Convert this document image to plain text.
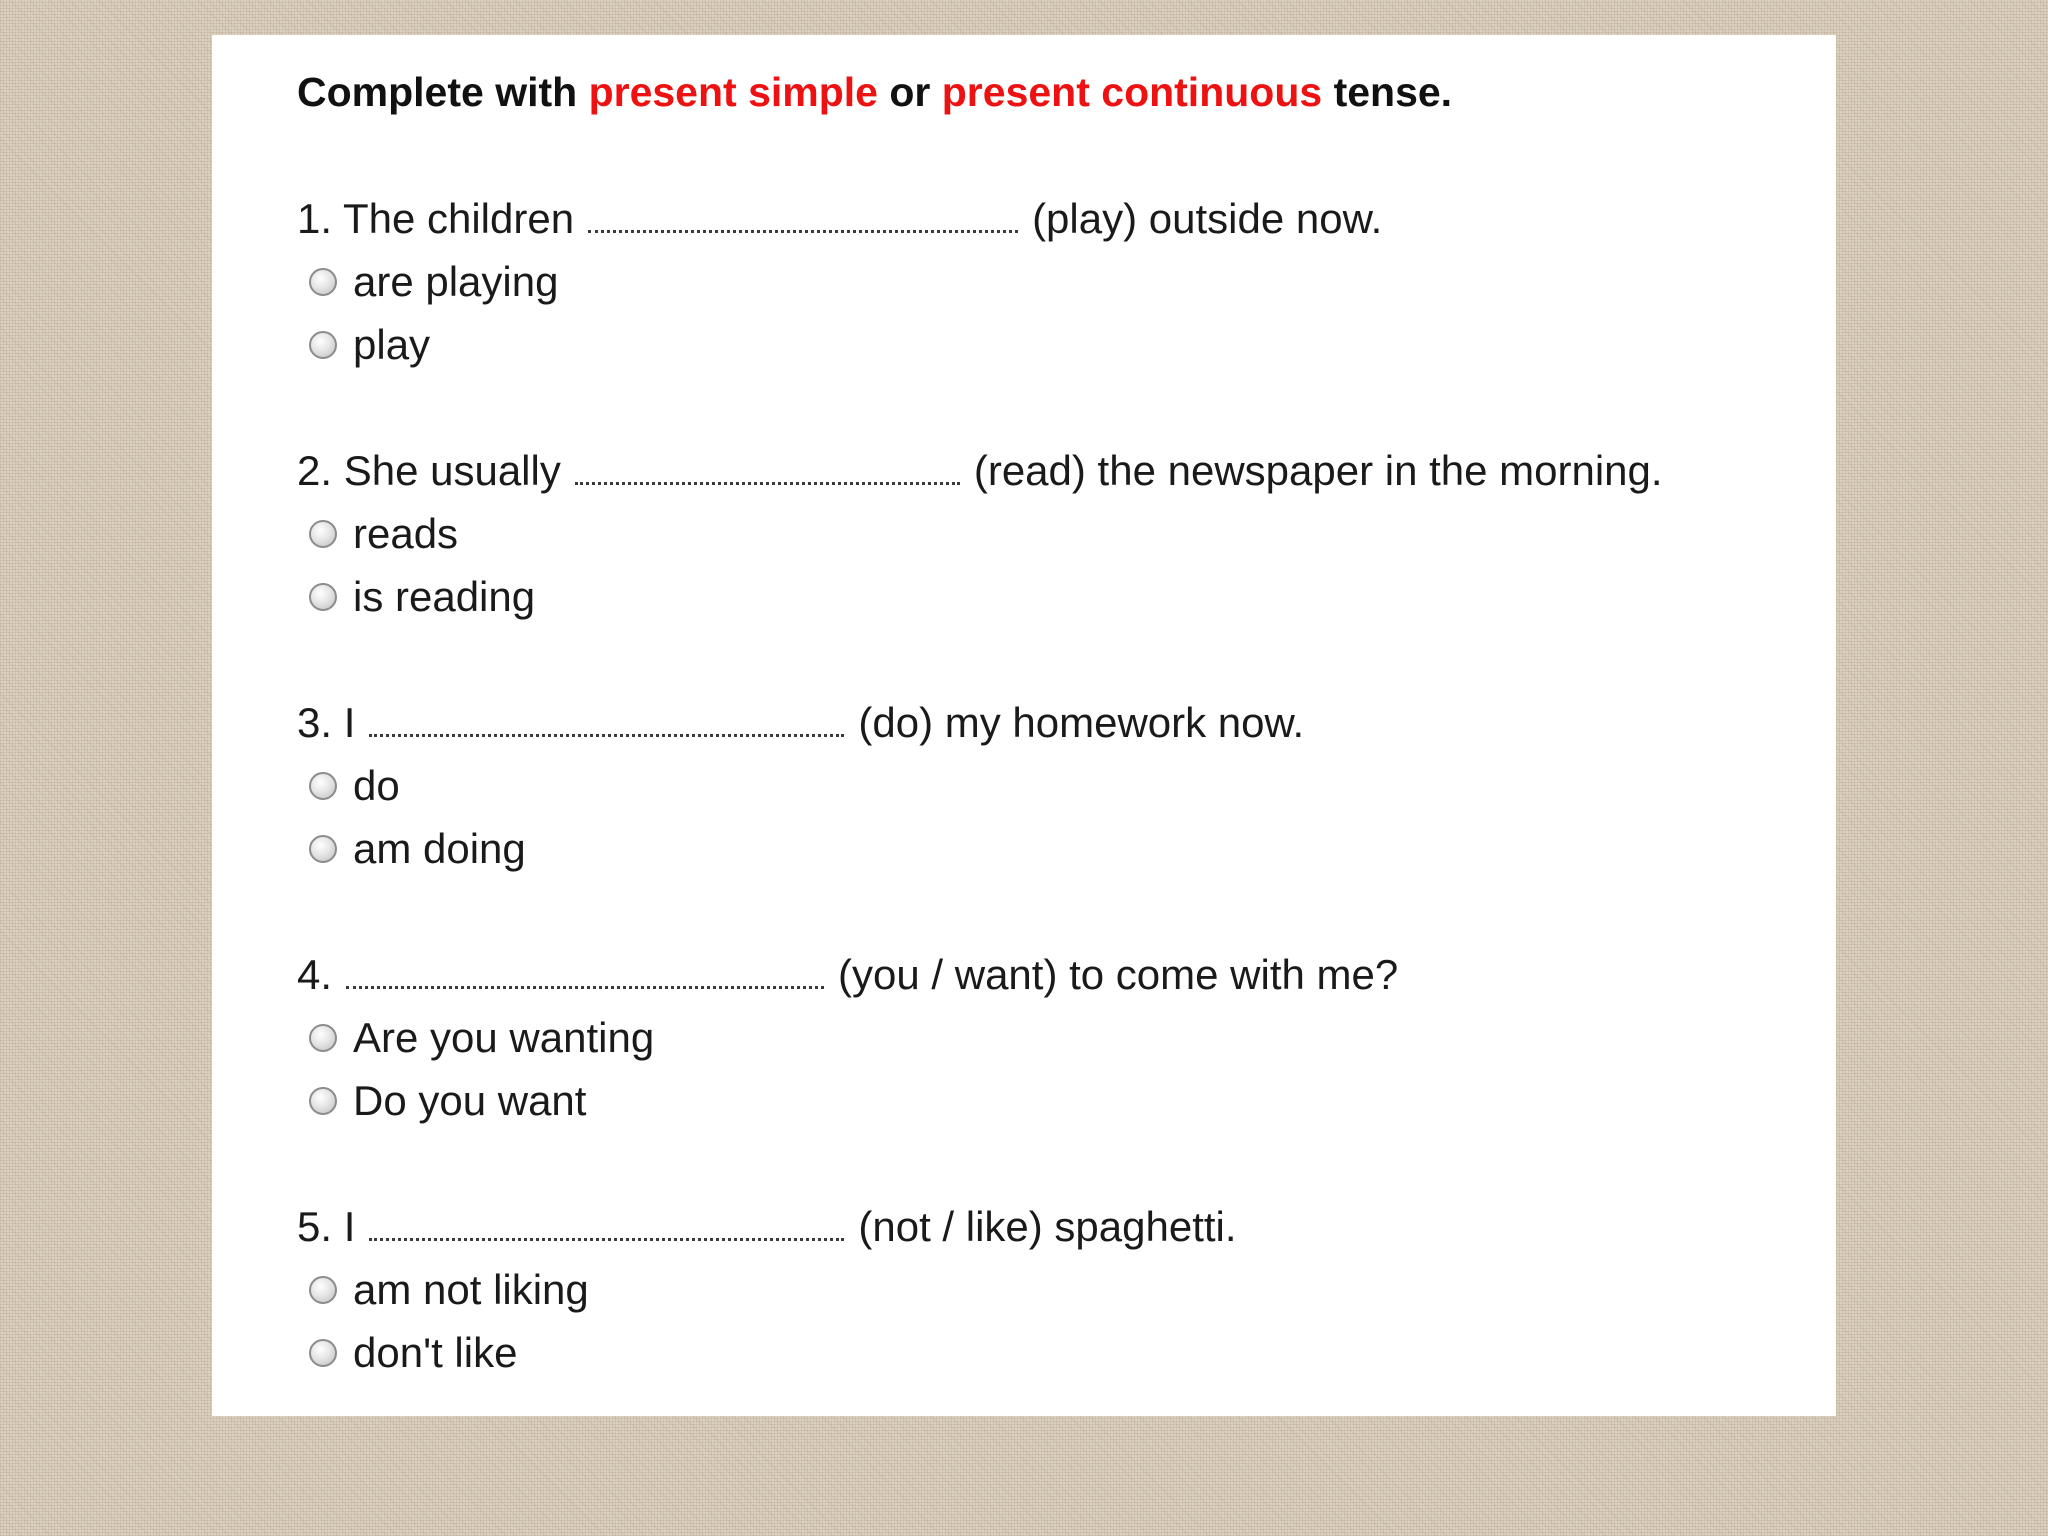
Complete with present simple or present continuous tense.

1. The children	(play) outside now.
are playing
play
2. She usually	(read) the newspaper in the morning.
reads
is reading
3. I	(do) my homework now.
do
am doing
4.	(you / want) to come with me?
Are you wanting
Do you want
5. I	(not / like) spaghetti.
am not liking
don't like
